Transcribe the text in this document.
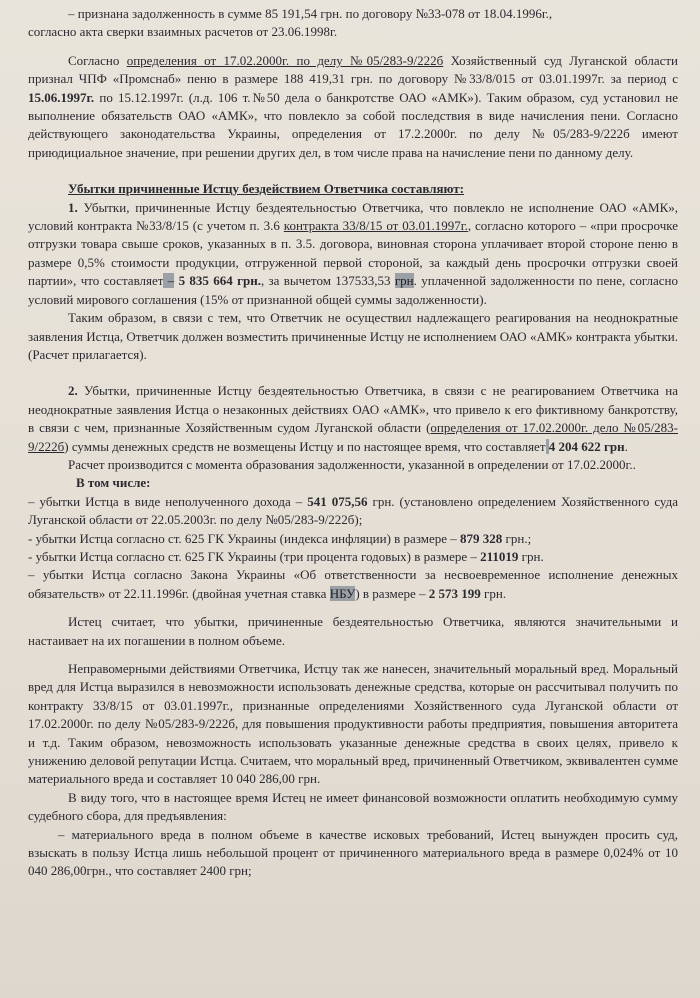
– признана задолженность в сумме 85 191,54 грн. по договору №33-078 от 18.04.1996г.,

согласно акта сверки взаимных расчетов от 23.06.1998г.

Согласно определения от 17.02.2000г. по делу №05/283-9/222б Хозяйственный суд Луганской области признал ЧПФ «Промснаб» пеню в размере 188 419,31 грн. по договору №33/8/015 от 03.01.1997г. за период с 15.06.1997г. по 15.12.1997г. (л.д. 106 т.№50 дела о банкротстве ОАО «АМК»). Таким образом, суд установил не выполнение обязательств ОАО «АМК», что повлекло за собой последствия в виде начисления пени. Согласно действующего законодательства Украины, определения от 17.2.2000г. по делу №05/283-9/222б имеют приюдициальное значение, при решении других дел, в том числе права на начисление пени по данному делу.

Убытки причиненные Истцу бездействием Ответчика составляют:

1. Убытки, причиненные Истцу бездеятельностью Ответчика, что повлекло не исполнение ОАО «АМК», условий контракта №33/8/15 (с учетом п. 3.6 контракта 33/8/15 от 03.01.1997г., согласно которого – «при просрочке отгрузки товара свыше сроков, указанных в п. 3.5. договора, виновная сторона уплачивает второй стороне пеню в размере 0,5% стоимости продукции, отгруженной первой стороной, за каждый день просрочки отгрузки своей партии», что составляет – 5 835 664 грн., за вычетом 137533,53 грн. уплаченной задолженности по пене, согласно условий мирового соглашения (15% от признанной общей суммы задолженности).

Таким образом, в связи с тем, что Ответчик не осуществил надлежащего реагирования на неоднократные заявления Истца, Ответчик должен возместить причиненные Истцу не исполнением ОАО «АМК» контракта убытки. (Расчет прилагается).

2. Убытки, причиненные Истцу бездеятельностью Ответчика, в связи с не реагированием Ответчика на неоднократные заявления Истца о незаконных действиях ОАО «АМК», что привело к его фиктивному банкротству, в связи с чем, признанные Хозяйственным судом Луганской области (определения от 17.02.2000г. дело №05/283-9/222б) суммы денежных средств не возмещены Истцу и по настоящее время, что составляет 4 204 622 грн.

Расчет производится с момента образования задолженности, указанной в определении от 17.02.2000г..

В том числе:

– убытки Истца в виде неполученного дохода – 541 075,56 грн. (установлено определением Хозяйственного суда Луганской области от 22.05.2003г. по делу №05/283-9/222б);

- убытки Истца согласно ст. 625 ГК Украины (индекса инфляции) в размере – 879 328 грн.;

- убытки Истца согласно ст. 625 ГК Украины (три процента годовых) в размере – 211019 грн.

– убытки Истца согласно Закона Украины «Об ответственности за несвоевременное исполнение денежных обязательств» от 22.11.1996г. (двойная учетная ставка НБУ) в размере – 2 573 199 грн.

Истец считает, что убытки, причиненные бездеятельностью Ответчика, являются значительными и настаивает на их погашении в полном объеме.

Неправомерными действиями Ответчика, Истцу так же нанесен, значительный моральный вред. Моральный вред для Истца выразился в невозможности использовать денежные средства, которые он рассчитывал получить по контракту 33/8/15 от 03.01.1997г., признанные определениями Хозяйственного суда Луганской области от 17.02.2000г. по делу №05/283-9/222б, для повышения продуктивности работы предприятия, повышения авторитета и т.д. Таким образом, невозможность использовать указанные денежные средства в своих целях, привело к унижению деловой репутации Истца. Считаем, что моральный вред, причиненный Ответчиком, эквивалентен сумме материального вреда и составляет 10 040 286,00 грн.

В виду того, что в настоящее время Истец не имеет финансовой возможности оплатить необходимую сумму судебного сбора, для предъявления:

– материального вреда в полном объеме в качестве исковых требований, Истец вынужден просить суд, взыскать в пользу Истца лишь небольшой процент от причиненного материального вреда в размере 0,024% от 10 040 286,00грн., что составляет 2400 грн;
